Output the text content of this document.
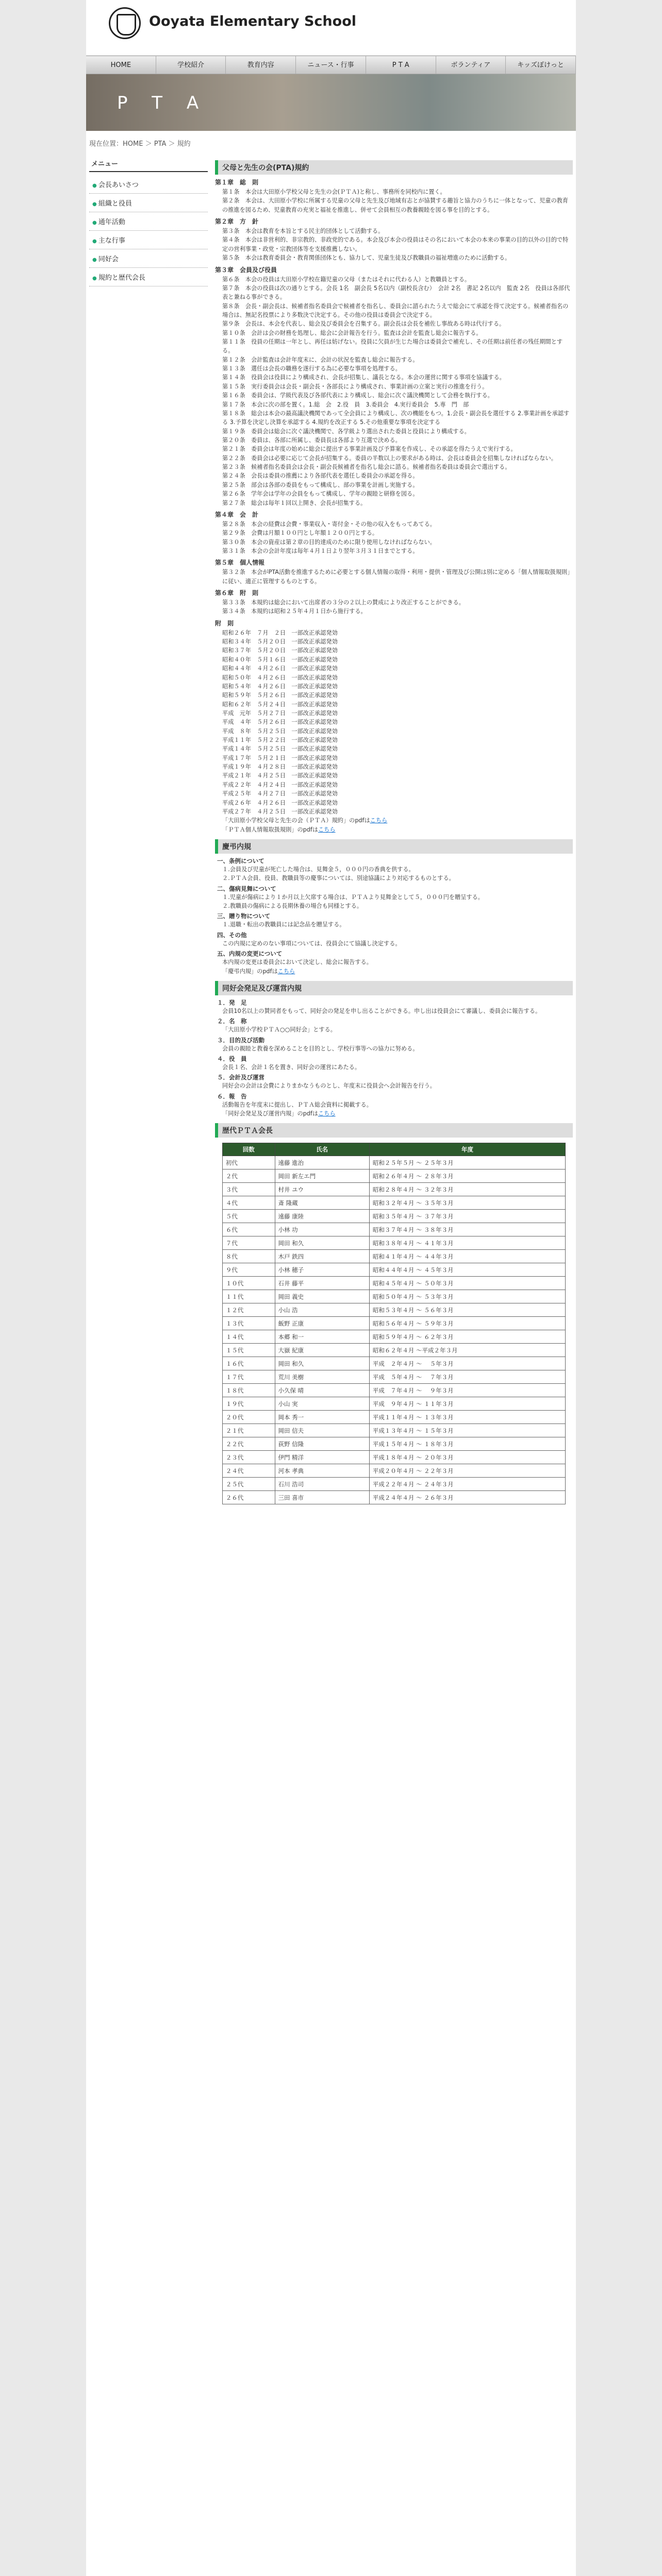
Ooyata Elementary School
HOME	学校紹介	教育内容	ニュース・行事	P T A	ボランティア	キッズぽけっと
P T A
現在位置：HOME ＞ PTA ＞ 規約
メニュー
● 会長あいさつ
● 組織と役員
● 通年活動
● 主な行事
● 同好会
● 規約と歴代会長
父母と先生の会(PTA)規約
第１章　総　則
第１条　本会は大田原小学校父母と先生の会(ＰＴＡ)と称し、事務所を同校内に置く。
第２条　本会は、大田原小学校に所属する児童の父母と先生及び地域有志とが協賛する趣旨と協力のうちに一体となって、児童の教育の推進を図るため、児童教育の充実と福祉を推進し、併せて会員相互の教養親睦を図る事を目的とする。
第２章　方　針
第３条　本会は教育を本旨とする民主的団体として活動する。
第４条　本会は非営利的、非宗教的、非政党的である。本会及び本会の役員はその名において本会の本来の事業の目的以外の目的で特定の営利事業・政党・宗教団体等を支援推薦しない。
第５条　本会は教育委員会・教育関係団体とも、協力して、児童生徒及び教職員の福祉増進のために活動する。
第３章　会員及び役員
第６条　本会の役員は大田原小学校在籍児童の父母（またはそれに代わる人）と教職員とする。
第７条　本会の役員は次の通りとする。会長 1名　副会長 5名以内（副校長含む）　会計 2名　書記 2名以内　監査 2名　役員は各部代表と兼ねる事ができる。
第８条　会長・副会長は、候補者指名委員会で候補者を指名し、委員会に諮られたうえで総会にて承認を得て決定する。候補者指名の場合は、無記名投票により多数決で決定する。その他の役員は委員会で決定する。
第９条　会長は、本会を代表し、総会及び委員会を召集する。副会長は会長を補佐し事故ある時は代行する。
第１０条　会計は会の財務を処理し、総会に会計報告を行う。監査は会計を監査し総会に報告する。
第１１条　役員の任期は一年とし、再任は妨げない。役員に欠員が生じた場合は委員会で補充し、その任期は前任者の残任期間とする。
第１２条　会計監査は会計年度末に、会計の状況を監査し総会に報告する。
第１３条　選任は会長の職務を遂行する為に必要な事項を処理する。
第１４条　役員会は役員により構成され、会長が招集し、議長となる。本会の運営に関する事項を協議する。
第１５条　実行委員会は会長・副会長・各部長により構成され、事業計画の立案と実行の推進を行う。
第１６条　委員会は、学級代表及び各部代表により構成し、総会に次ぐ議決機関として会務を執行する。
第１７条　本会に次の部を置く。1.総　会　2.役　員　3.委員会　4.実行委員会　5.専　門　部
第１８条　総会は本会の最高議決機関であって全会員により構成し、次の機能をもつ。1.会長・副会長を選任する 2.事業計画を承認する 3.予算を決定し決算を承認する 4.規約を改正する 5.その他重要な事項を決定する
第１９条　委員会は総会に次ぐ議決機関で、各学級より選出された委員と役員により構成する。
第２０条　委員は、各部に所属し、委員長は各部より互選で決める。
第２１条　委員会は年度の始めに総会に提出する事業計画及び予算案を作成し、その承認を得たうえで実行する。
第２２条　委員会は必要に応じて会長が招集する。委員の半数以上の要求がある時は、会長は委員会を招集しなければならない。
第２３条　候補者指名委員会は会長・副会長候補者を指名し総会に諮る。候補者指名委員は委員会で選出する。
第２４条　会長は委員の推薦により各部代表を選任し委員会の承認を得る。
第２５条　部会は各部の委員をもって構成し、部の事業を計画し実施する。
第２６条　学年会は学年の会員をもって構成し、学年の親睦と研修を図る。
第２７条　総会は毎年１回以上開き、会長が招集する。
第４章　会　計
第２８条　本会の経費は会費・事業収入・寄付金・その他の収入をもってあてる。
第２９条　会費は月額１００円とし年額１２００円とする。
第３０条　本会の資産は第２章の目的達成のために限り使用しなければならない。
第３１条　本会の会計年度は毎年４月１日より翌年３月３１日までとする。
第５章　個人情報
第３２条　本会がPTA活動を推進するために必要とする個人情報の取得・利用・提供・管理及び公開は別に定める「個人情報取扱規則」に従い、適正に管理するものとする。
第６章　附　則
第３３条　本規約は総会において出席者の３分の２以上の賛成により改正することができる。
第３４条　本規約は昭和２５年４月１日から施行する。
附　則
昭和２６年　７月　２日　一部改正承認発効
昭和３４年　５月２０日　一部改正承認発効
昭和３７年　５月２０日　一部改正承認発効
昭和４０年　５月１６日　一部改正承認発効
昭和４４年　４月２６日　一部改正承認発効
昭和５０年　４月２６日　一部改正承認発効
昭和５４年　４月２６日　一部改正承認発効
昭和５９年　５月２６日　一部改正承認発効
昭和６２年　５月２４日　一部改正承認発効
平成　元年　５月２７日　一部改正承認発効
平成　４年　５月２６日　一部改正承認発効
平成　８年　５月２５日　一部改正承認発効
平成１１年　５月２２日　一部改正承認発効
平成１４年　５月２５日　一部改正承認発効
平成１７年　５月２１日　一部改正承認発効
平成１９年　４月２８日　一部改正承認発効
平成２１年　４月２５日　一部改正承認発効
平成２２年　４月２４日　一部改正承認発効
平成２５年　４月２７日　一部改正承認発効
平成２６年　４月２６日　一部改正承認発効
平成２７年　４月２５日　一部改正承認発効
「大田原小学校父母と先生の会（ＰＴＡ）規約」のpdfはこちら
「ＰＴＡ個人情報取扱規則」のpdfはこちら
慶弔内規
一、条例について
１.会員及び児童が死亡した場合は、見舞金５，０００円の香典を供する。
２.ＰＴＡ会員、役員、教職員等の慶事については、別途協議により対応するものとする。
二、傷病見舞について
１.児童が傷病により１か月以上欠席する場合は、ＰＴＡより見舞金として５，０００円を贈呈する。
２.教職員の傷病による長期休養の場合も同様とする。
三、贈り物について
１.退職・転出の教職員には記念品を贈呈する。
四、その他
この内規に定めのない事項については、役員会にて協議し決定する。
五、内規の変更について
本内規の変更は委員会において決定し、総会に報告する。
「慶弔内規」のpdfはこちら
同好会発足及び運営内規
１．発　足
会員10名以上の賛同者をもって、同好会の発足を申し出ることができる。申し出は役員会にて審議し、委員会に報告する。
２．名　称
「大田原小学校ＰＴＡ○○同好会」とする。
３．目的及び活動
会員の親睦と教養を深めることを目的とし、学校行事等への協力に努める。
４．役　員
会長１名、会計１名を置き、同好会の運営にあたる。
５．会計及び運営
同好会の会計は会費によりまかなうものとし、年度末に役員会へ会計報告を行う。
６．報　告
活動報告を年度末に提出し、ＰＴＡ総会資料に掲載する。
「同好会発足及び運営内規」のpdfはこちら
歴代ＰＴＡ会長
回数	氏名	年度
初代	遠藤 進治	昭和２５年５月 ～ ２５年３月
２代	岡田 新左エ門	昭和２６年４月 ～ ２８年３月
３代	村井 ユウ	昭和２８年４月 ～ ３２年３月
４代	斎 隆蔵	昭和３２年４月 ～ ３５年３月
５代	遠藤 康陸	昭和３５年４月 ～ ３７年３月
６代	小林 功	昭和３７年４月 ～ ３８年３月
７代	岡田 和久	昭和３８年４月 ～ ４１年３月
８代	木戸 鉄四	昭和４１年４月 ～ ４４年３月
９代	小林 穂子	昭和４４年４月 ～ ４５年３月
１０代	石井 藤平	昭和４５年４月 ～ ５０年３月
１１代	岡田 義史	昭和５０年４月 ～ ５３年３月
１２代	小山 浩	昭和５３年４月 ～ ５６年３月
１３代	飯野 正康	昭和５６年４月 ～ ５９年３月
１４代	本郷 和一	昭和５９年４月 ～ ６２年３月
１５代	大嶽 紀康	昭和６２年４月 ～平成２年３月
１６代	岡田 和久	平成　２年４月 ～ 　５年３月
１７代	荒川 美樹	平成　５年４月 ～ 　７年３月
１８代	小久保 晴	平成　７年４月 ～ 　９年３月
１９代	小山 実	平成　９年４月 ～ １１年３月
２０代	岡本 秀一	平成１１年４月 ～ １３年３月
２１代	岡田 信夫	平成１３年４月 ～ １５年３月
２２代	荻野 信隆	平成１５年４月 ～ １８年３月
２３代	伊門 精洋	平成１８年４月 ～ ２０年３月
２４代	河本 孝典	平成２０年４月 ～ ２２年３月
２５代	石川 浩司	平成２２年４月 ～ ２４年３月
２６代	三田 喜市	平成２４年４月 ～ ２６年３月
